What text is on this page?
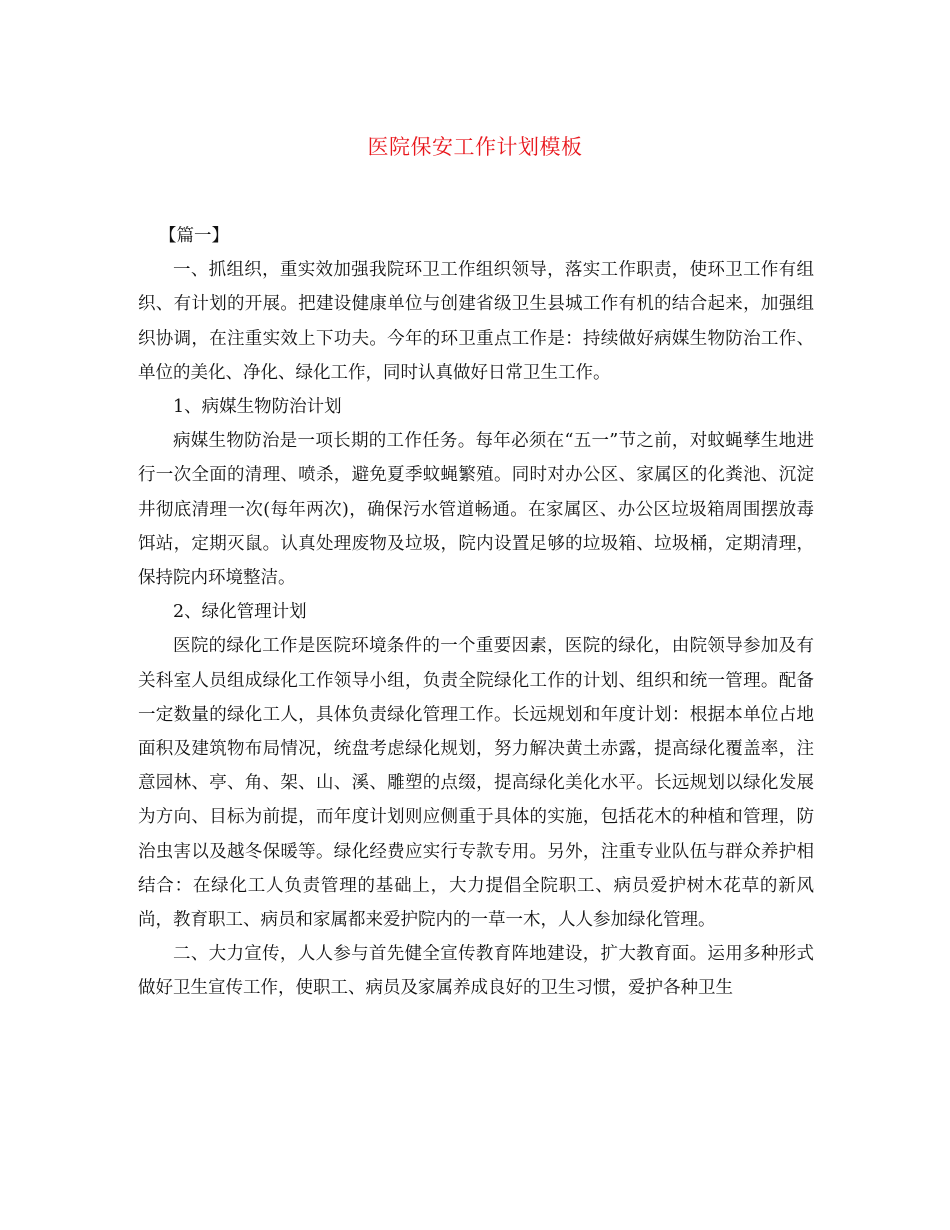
医院保安工作计划模板

【篇一】

一、抓组织，重实效加强我院环卫工作组织领导，落实工作职责，使环卫工作有组织、有计划的开展。把建设健康单位与创建省级卫生县城工作有机的结合起来，加强组织协调，在注重实效上下功夫。今年的环卫重点工作是：持续做好病媒生物防治工作、单位的美化、净化、绿化工作，同时认真做好日常卫生工作。

1、病媒生物防治计划

病媒生物防治是一项长期的工作任务。每年必须在“五一”节之前，对蚊蝇孳生地进行一次全面的清理、喷杀，避免夏季蚊蝇繁殖。同时对办公区、家属区的化粪池、沉淀井彻底清理一次(每年两次)，确保污水管道畅通。在家属区、办公区垃圾箱周围摆放毒饵站，定期灭鼠。认真处理废物及垃圾，院内设置足够的垃圾箱、垃圾桶，定期清理，保持院内环境整洁。

2、绿化管理计划

医院的绿化工作是医院环境条件的一个重要因素，医院的绿化，由院领导参加及有关科室人员组成绿化工作领导小组，负责全院绿化工作的计划、组织和统一管理。配备一定数量的绿化工人，具体负责绿化管理工作。长远规划和年度计划：根据本单位占地面积及建筑物布局情况，统盘考虑绿化规划，努力解决黄土赤露，提高绿化覆盖率，注意园林、亭、角、架、山、溪、雕塑的点缀，提高绿化美化水平。长远规划以绿化发展为方向、目标为前提，而年度计划则应侧重于具体的实施，包括花木的种植和管理，防治虫害以及越冬保暖等。绿化经费应实行专款专用。另外，注重专业队伍与群众养护相结合：在绿化工人负责管理的基础上，大力提倡全院职工、病员爱护树木花草的新风尚，教育职工、病员和家属都来爱护院内的一草一木，人人参加绿化管理。

二、大力宣传，人人参与首先健全宣传教育阵地建设，扩大教育面。运用多种形式做好卫生宣传工作，使职工、病员及家属养成良好的卫生习惯，爱护各种卫生
